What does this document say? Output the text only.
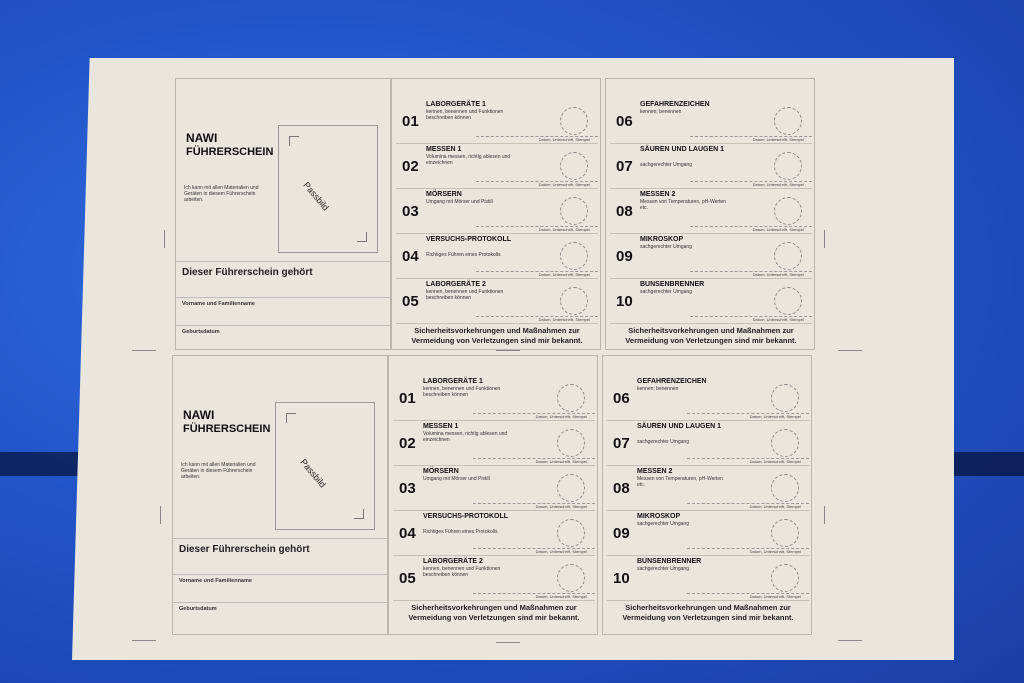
NAWI
FÜHRERSCHEIN
Ich kann mit allen Materialien und Geräten in diesem Führerschein arbeiten.	Passbild
Dieser Führerschein gehört
Vorname und Familienname
Geburtsdatum
01
LABORGERÄTE 1
kennen, benennen und Funktionen beschreiben können
Datum, Unterschrift, Stempel
02
MESSEN 1
Volumina messen, richtig ablesen und einzeichnen
Datum, Unterschrift, Stempel
03
MÖRSERN
Umgang mit Mörser und Pistill
Datum, Unterschrift, Stempel
04
VERSUCHS-PROTOKOLL
Richtiges Führen eines Protokolls
Datum, Unterschrift, Stempel
05
LABORGERÄTE 2
kennen, benennen und Funktionen beschreiben können
Datum, Unterschrift, Stempel
Sicherheitsvorkehrungen und Maßnahmen zur Vermeidung von Verletzungen sind mir bekannt.
06
GEFAHRENZEICHEN
kennen; benennen
Datum, Unterschrift, Stempel
07
SÄUREN UND LAUGEN 1
sachgerechter Umgang
Datum, Unterschrift, Stempel
08
MESSEN 2
Messen von Temperaturen, pH-Werten etc.
Datum, Unterschrift, Stempel
09
MIKROSKOP
sachgerechter Umgang
Datum, Unterschrift, Stempel
10
BUNSENBRENNER
sachgerechter Umgang
Datum, Unterschrift, Stempel
Sicherheitsvorkehrungen und Maßnahmen zur Vermeidung von Verletzungen sind mir bekannt.
NAWI
FÜHRERSCHEIN
Ich kann mit allen Materialien und Geräten in diesem Führerschein arbeiten.	Passbild
Dieser Führerschein gehört
Vorname und Familienname
Geburtsdatum
01
LABORGERÄTE 1
kennen, benennen und Funktionen beschreiben können
Datum, Unterschrift, Stempel
02
MESSEN 1
Volumina messen, richtig ablesen und einzeichnen
Datum, Unterschrift, Stempel
03
MÖRSERN
Umgang mit Mörser und Pistill
Datum, Unterschrift, Stempel
04
VERSUCHS-PROTOKOLL
Richtiges Führen eines Protokolls
Datum, Unterschrift, Stempel
05
LABORGERÄTE 2
kennen, benennen und Funktionen beschreiben können
Datum, Unterschrift, Stempel
Sicherheitsvorkehrungen und Maßnahmen zur Vermeidung von Verletzungen sind mir bekannt.
06
GEFAHRENZEICHEN
kennen; benennen
Datum, Unterschrift, Stempel
07
SÄUREN UND LAUGEN 1
sachgerechter Umgang
Datum, Unterschrift, Stempel
08
MESSEN 2
Messen von Temperaturen, pH-Werten etc.
Datum, Unterschrift, Stempel
09
MIKROSKOP
sachgerechter Umgang
Datum, Unterschrift, Stempel
10
BUNSENBRENNER
sachgerechter Umgang
Datum, Unterschrift, Stempel
Sicherheitsvorkehrungen und Maßnahmen zur Vermeidung von Verletzungen sind mir bekannt.
